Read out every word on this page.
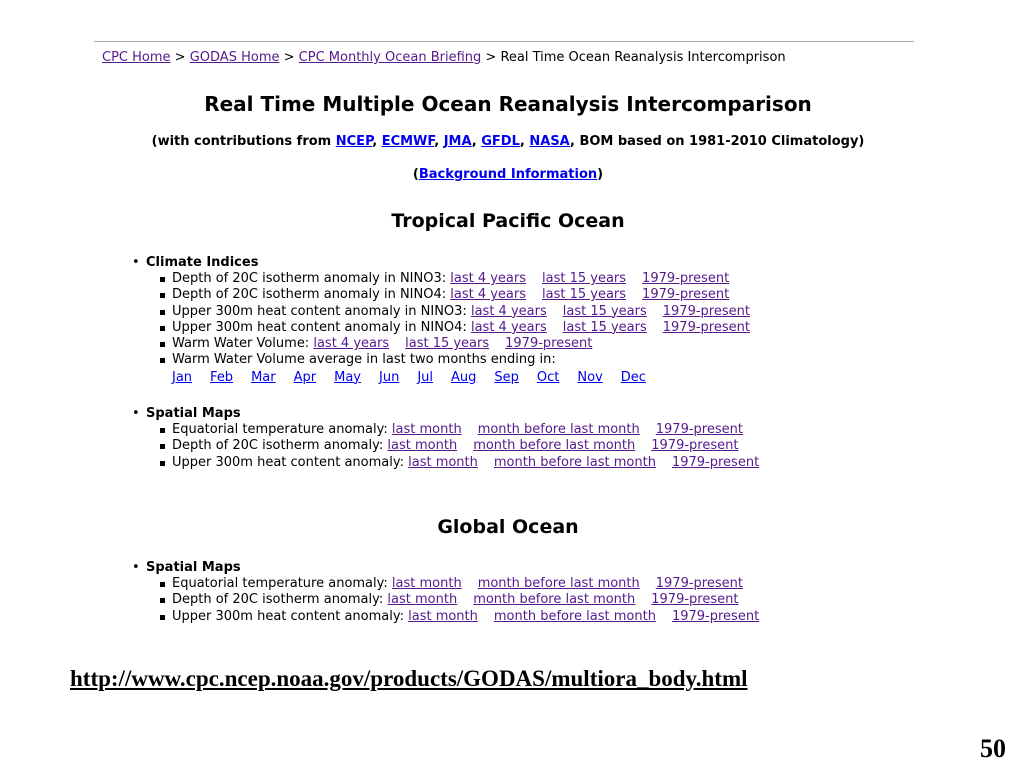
CPC Home > GODAS Home > CPC Monthly Ocean Briefing > Real Time Ocean Reanalysis Intercomprison
Real Time Multiple Ocean Reanalysis Intercomparison
(with contributions from NCEP, ECMWF, JMA, GFDL, NASA, BOM based on 1981-2010 Climatology)
(Background Information)
Tropical Pacific Ocean
• Climate Indices
Depth of 20C isotherm anomaly in NINO3: last 4 years last 15 years 1979-present
Depth of 20C isotherm anomaly in NINO4: last 4 years last 15 years 1979-present
Upper 300m heat content anomaly in NINO3: last 4 years last 15 years 1979-present
Upper 300m heat content anomaly in NINO4: last 4 years last 15 years 1979-present
Warm Water Volume: last 4 years last 15 years 1979-present
Warm Water Volume average in last two months ending in:
Jan Feb Mar Apr May Jun Jul Aug Sep Oct Nov Dec
• Spatial Maps
Equatorial temperature anomaly: last month month before last month 1979-present
Depth of 20C isotherm anomaly: last month month before last month 1979-present
Upper 300m heat content anomaly: last month month before last month 1979-present
Global Ocean
• Spatial Maps
Equatorial temperature anomaly: last month month before last month 1979-present
Depth of 20C isotherm anomaly: last month month before last month 1979-present
Upper 300m heat content anomaly: last month month before last month 1979-present
http://www.cpc.ncep.noaa.gov/products/GODAS/multiora_body.html
50
